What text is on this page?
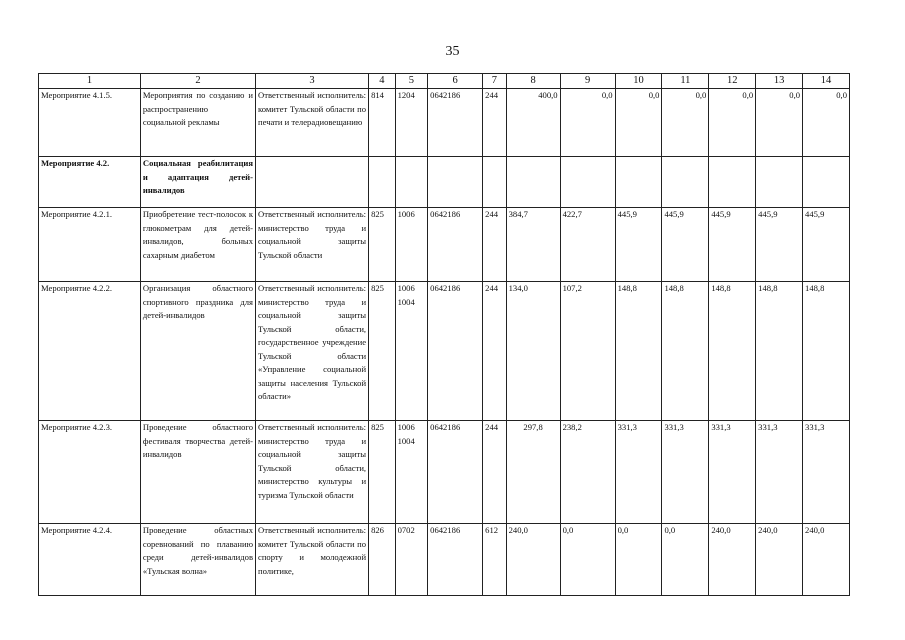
35
1	2	3	4	5	6	7	8	9	10	11	12	13	14
Мероприятие 4.1.5.	Мероприятия по созданию и распространению социальной рекламы	Ответственный исполнитель: комитет Тульской области по печати и телерадиовещанию	814	1204	0642186	244	400,0	0,0	0,0	0,0	0,0	0,0	0,0
Мероприятие 4.2.	Социальная реабилитация и адаптация детей-инвалидов												
Мероприятие 4.2.1.	Приобретение тест-полосок к глюкометрам для детей-инвалидов, больных сахарным диабетом	Ответственный исполнитель: министерство труда и социальной защиты Тульской области	825	1006	0642186	244	384,7	422,7	445,9	445,9	445,9	445,9	445,9
Мероприятие 4.2.2.	Организация областного спортивного праздника для детей-инвалидов	Ответственный исполнитель: министерство труда и социальной защиты Тульской области, государственное учреждение Тульской области «Управление социальной защиты населения Тульской области»	825	1006 1004	0642186	244	134,0	107,2	148,8	148,8	148,8	148,8	148,8
Мероприятие 4.2.3.	Проведение областного фестиваля творчества детей-инвалидов	Ответственный исполнитель: министерство труда и социальной защиты Тульской области, министерство культуры и туризма Тульской области	825	1006 1004	0642186	244	297,8	238,2	331,3	331,3	331,3	331,3	331,3
Мероприятие 4.2.4.	Проведение областных соревнований по плаванию среди детей-инвалидов «Тульская волна»	Ответственный исполнитель: комитет Тульской области по спорту и молодежной политике,	826	0702	0642186	612	240,0	0,0	0,0	0,0	240,0	240,0	240,0
